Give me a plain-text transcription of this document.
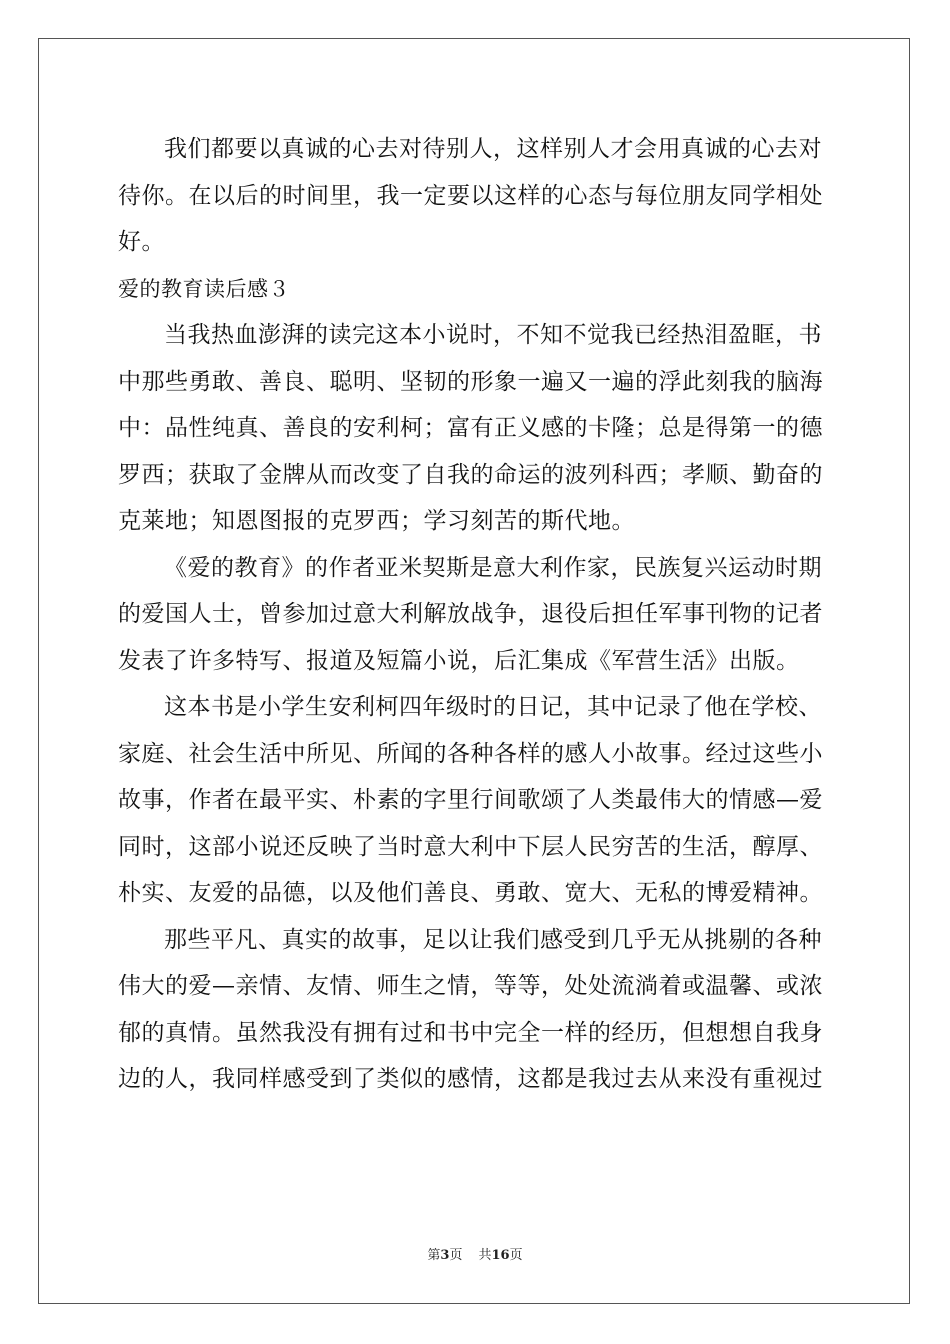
我们都要以真诚的心去对待别人，这样别人才会用真诚的心去对
待你。在以后的时间里，我一定要以这样的心态与每位朋友同学相处
好。
爱的教育读后感３
当我热血澎湃的读完这本小说时，不知不觉我已经热泪盈眶，书
中那些勇敢、善良、聪明、坚韧的形象一遍又一遍的浮此刻我的脑海
中：品性纯真、善良的安利柯；富有正义感的卡隆；总是得第一的德
罗西；获取了金牌从而改变了自我的命运的波列科西；孝顺、勤奋的
克莱地；知恩图报的克罗西；学习刻苦的斯代地。
《爱的教育》的作者亚米契斯是意大利作家，民族复兴运动时期
的爱国人士，曾参加过意大利解放战争，退役后担任军事刊物的记者
发表了许多特写、报道及短篇小说，后汇集成《军营生活》出版。
这本书是小学生安利柯四年级时的日记，其中记录了他在学校、
家庭、社会生活中所见、所闻的各种各样的感人小故事。经过这些小
故事，作者在最平实、朴素的字里行间歌颂了人类最伟大的情感—爱
同时，这部小说还反映了当时意大利中下层人民穷苦的生活，醇厚、
朴实、友爱的品德，以及他们善良、勇敢、宽大、无私的博爱精神。
那些平凡、真实的故事，足以让我们感受到几乎无从挑剔的各种
伟大的爱—亲情、友情、师生之情，等等，处处流淌着或温馨、或浓
郁的真情。虽然我没有拥有过和书中完全一样的经历，但想想自我身
边的人，我同样感受到了类似的感情，这都是我过去从来没有重视过
第3页 共16页
